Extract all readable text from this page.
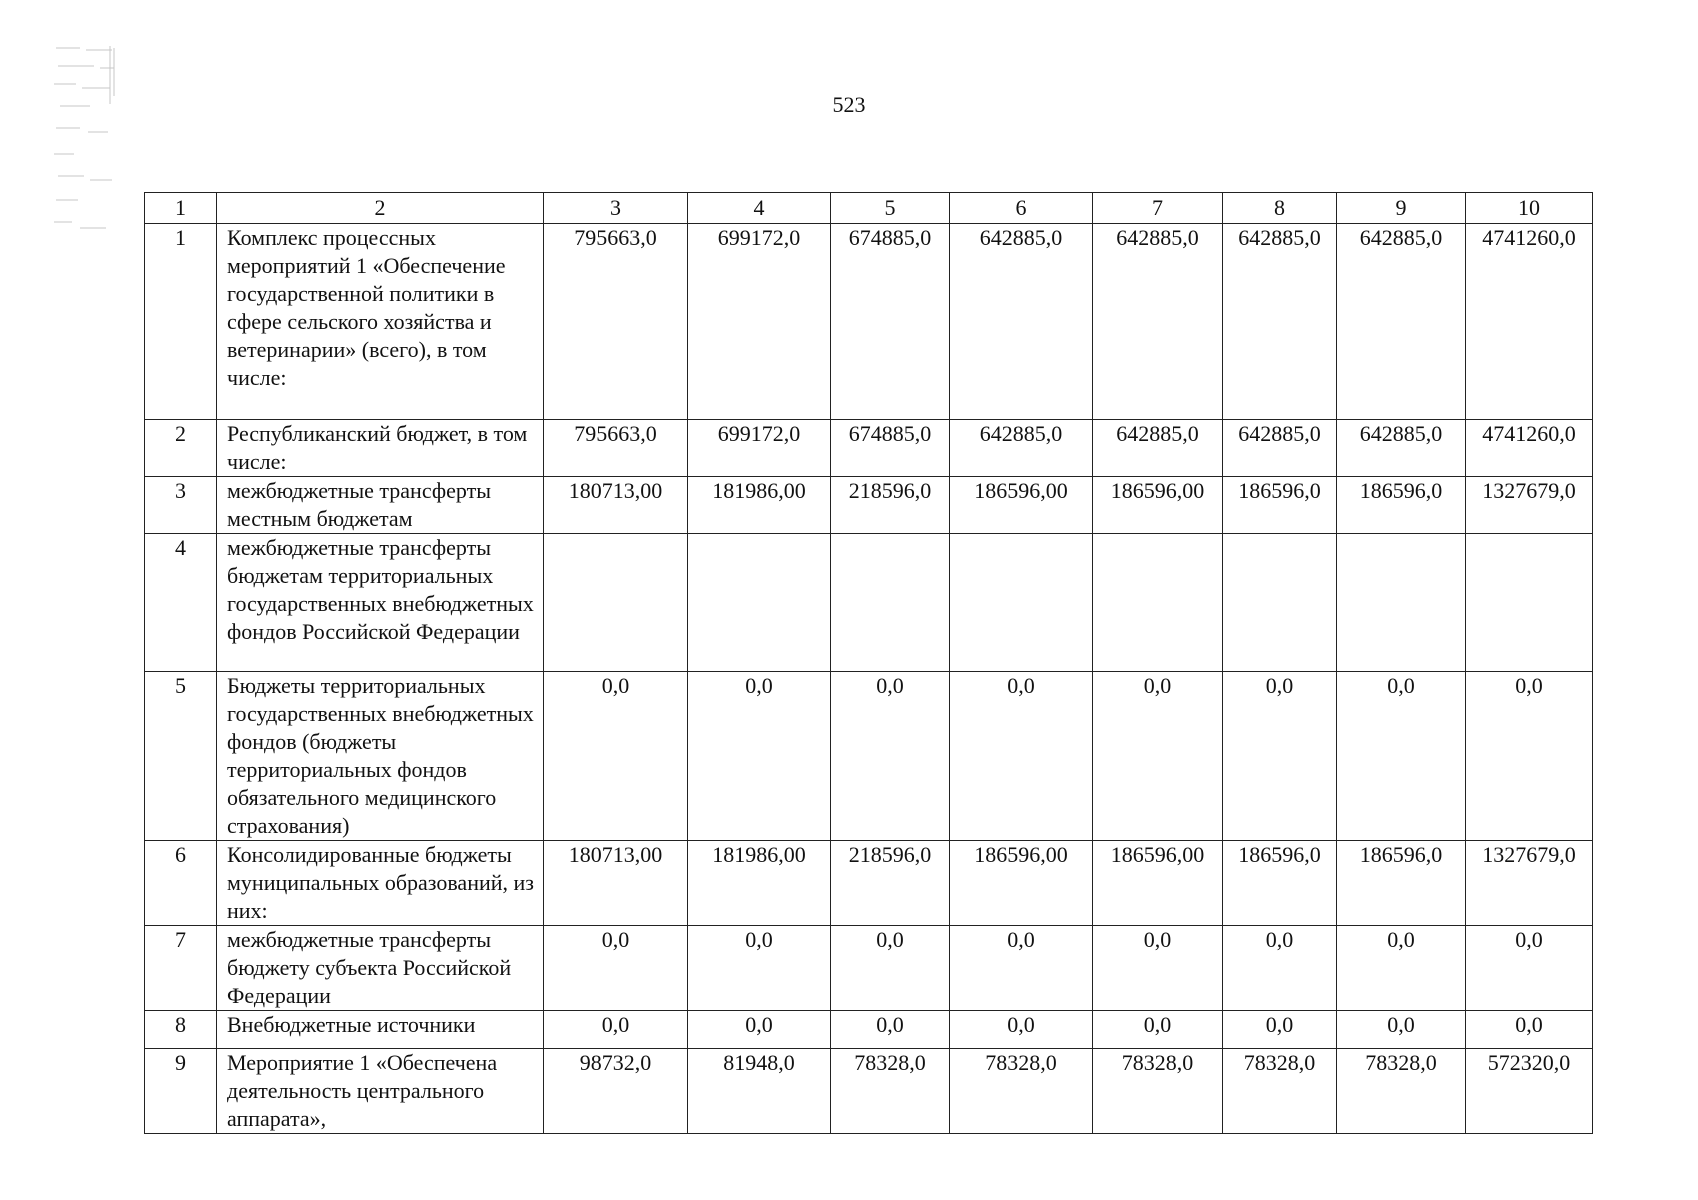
523
1	2	3	4	5	6	7	8	9	10
1	Комплекс процессных мероприятий 1 «Обеспечение государственной политики в сфере сельского хозяйства и ветеринарии» (всего), в том числе:	795663,0	699172,0	674885,0	642885,0	642885,0	642885,0	642885,0	4741260,0
2	Республиканский бюджет, в том числе:	795663,0	699172,0	674885,0	642885,0	642885,0	642885,0	642885,0	4741260,0
3	межбюджетные трансферты местным бюджетам	180713,00	181986,00	218596,0	186596,00	186596,00	186596,0	186596,0	1327679,0
4	межбюджетные трансферты бюджетам территориальных государственных внебюджетных фондов Российской Федерации								
5	Бюджеты территориальных государственных внебюджетных фондов (бюджеты территориальных фондов обязательного медицинского страхования)	0,0	0,0	0,0	0,0	0,0	0,0	0,0	0,0
6	Консолидированные бюджеты муниципальных образований, из них:	180713,00	181986,00	218596,0	186596,00	186596,00	186596,0	186596,0	1327679,0
7	межбюджетные трансферты бюджету субъекта Российской Федерации	0,0	0,0	0,0	0,0	0,0	0,0	0,0	0,0
8	Внебюджетные источники	0,0	0,0	0,0	0,0	0,0	0,0	0,0	0,0
9	Мероприятие 1 «Обеспечена деятельность центрального аппарата»,	98732,0	81948,0	78328,0	78328,0	78328,0	78328,0	78328,0	572320,0
